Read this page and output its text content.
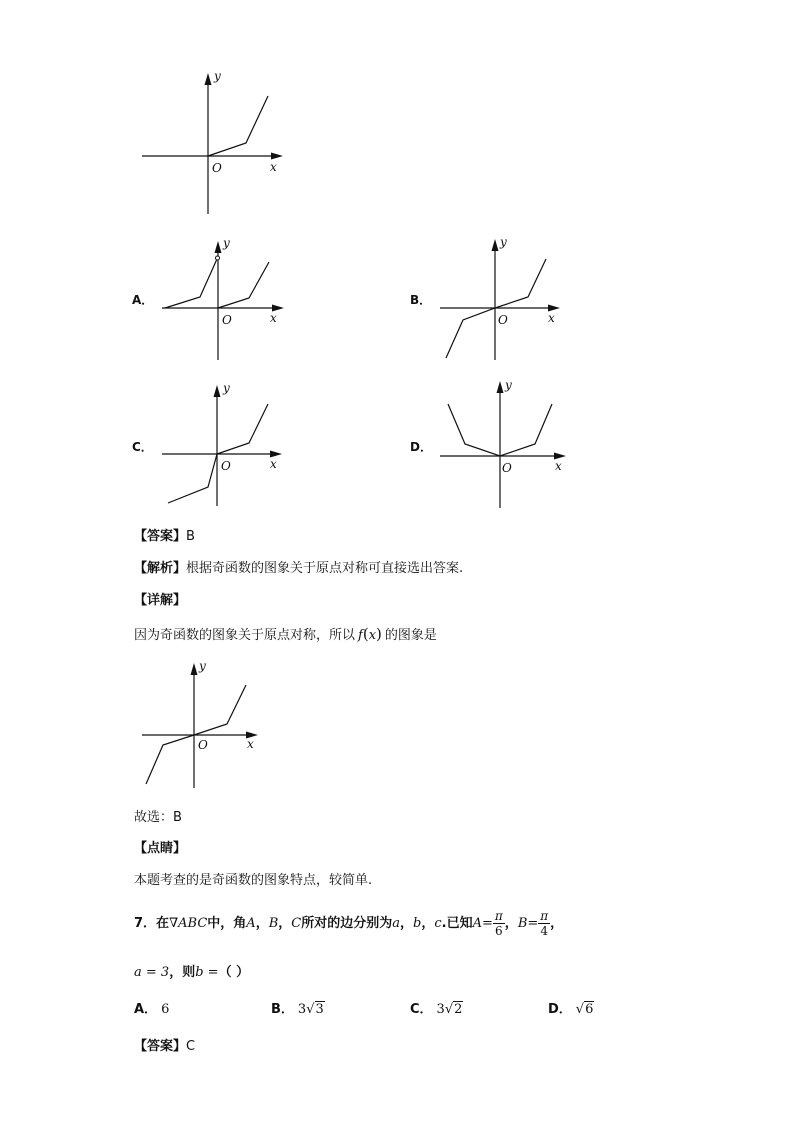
y
x
O
A．
y
x
O
B．
y
x
O
C．
y
x
O
D．
y
x
O
【答案】B
【解析】根据奇函数的图象关于原点对称可直接选出答案.
【详解】
因为奇函数的图象关于原点对称，所以 f(x) 的图象是
y
x
O
故选：B
【点睛】
本题考查的是奇函数的图象特点，较简单.
7．在∇ABC中，角A，B，C所对的边分别为a，b，c.已知$A= \frac{\pi}{6}$ ，$B= \frac{\pi}{4}$ ，
a = 3，则b =（ ）
A． 6	B． 3√3	C． 3√2	D． √6
【答案】C
